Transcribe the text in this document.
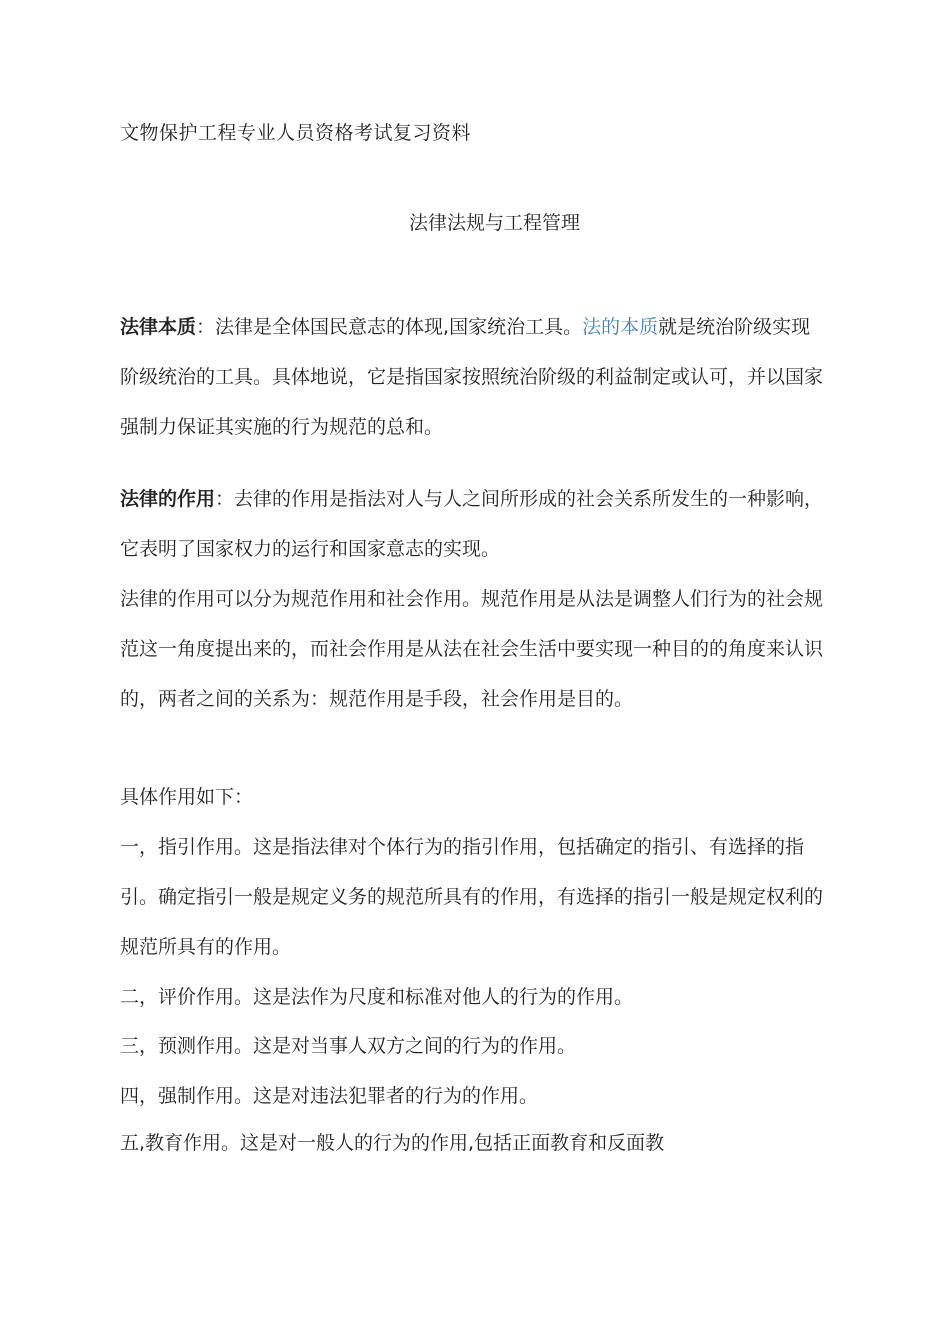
文物保护工程专业人员资格考试复习资料
法律法规与工程管理

法律本质：法律是全体国民意志的体现,国家统治工具。法的本质就是统治阶级实现阶级统治的工具。具体地说，它是指国家按照统治阶级的利益制定或认可，并以国家强制力保证其实施的行为规范的总和。

法律的作用：去律的作用是指法对人与人之间所形成的社会关系所发生的一种影响，它表明了国家权力的运行和国家意志的实现。

法律的作用可以分为规范作用和社会作用。规范作用是从法是调整人们行为的社会规范这一角度提出来的，而社会作用是从法在社会生活中要实现一种目的的角度来认识的，两者之间的关系为：规范作用是手段，社会作用是目的。

具体作用如下：

一，指引作用。这是指法律对个体行为的指引作用，包括确定的指引、有选择的指引。确定指引一般是规定义务的规范所具有的作用，有选择的指引一般是规定权利的规范所具有的作用。

二，评价作用。这是法作为尺度和标准对他人的行为的作用。

三，预测作用。这是对当事人双方之间的行为的作用。

四，强制作用。这是对违法犯罪者的行为的作用。

五,教育作用。这是对一般人的行为的作用,包括正面教育和反面教
